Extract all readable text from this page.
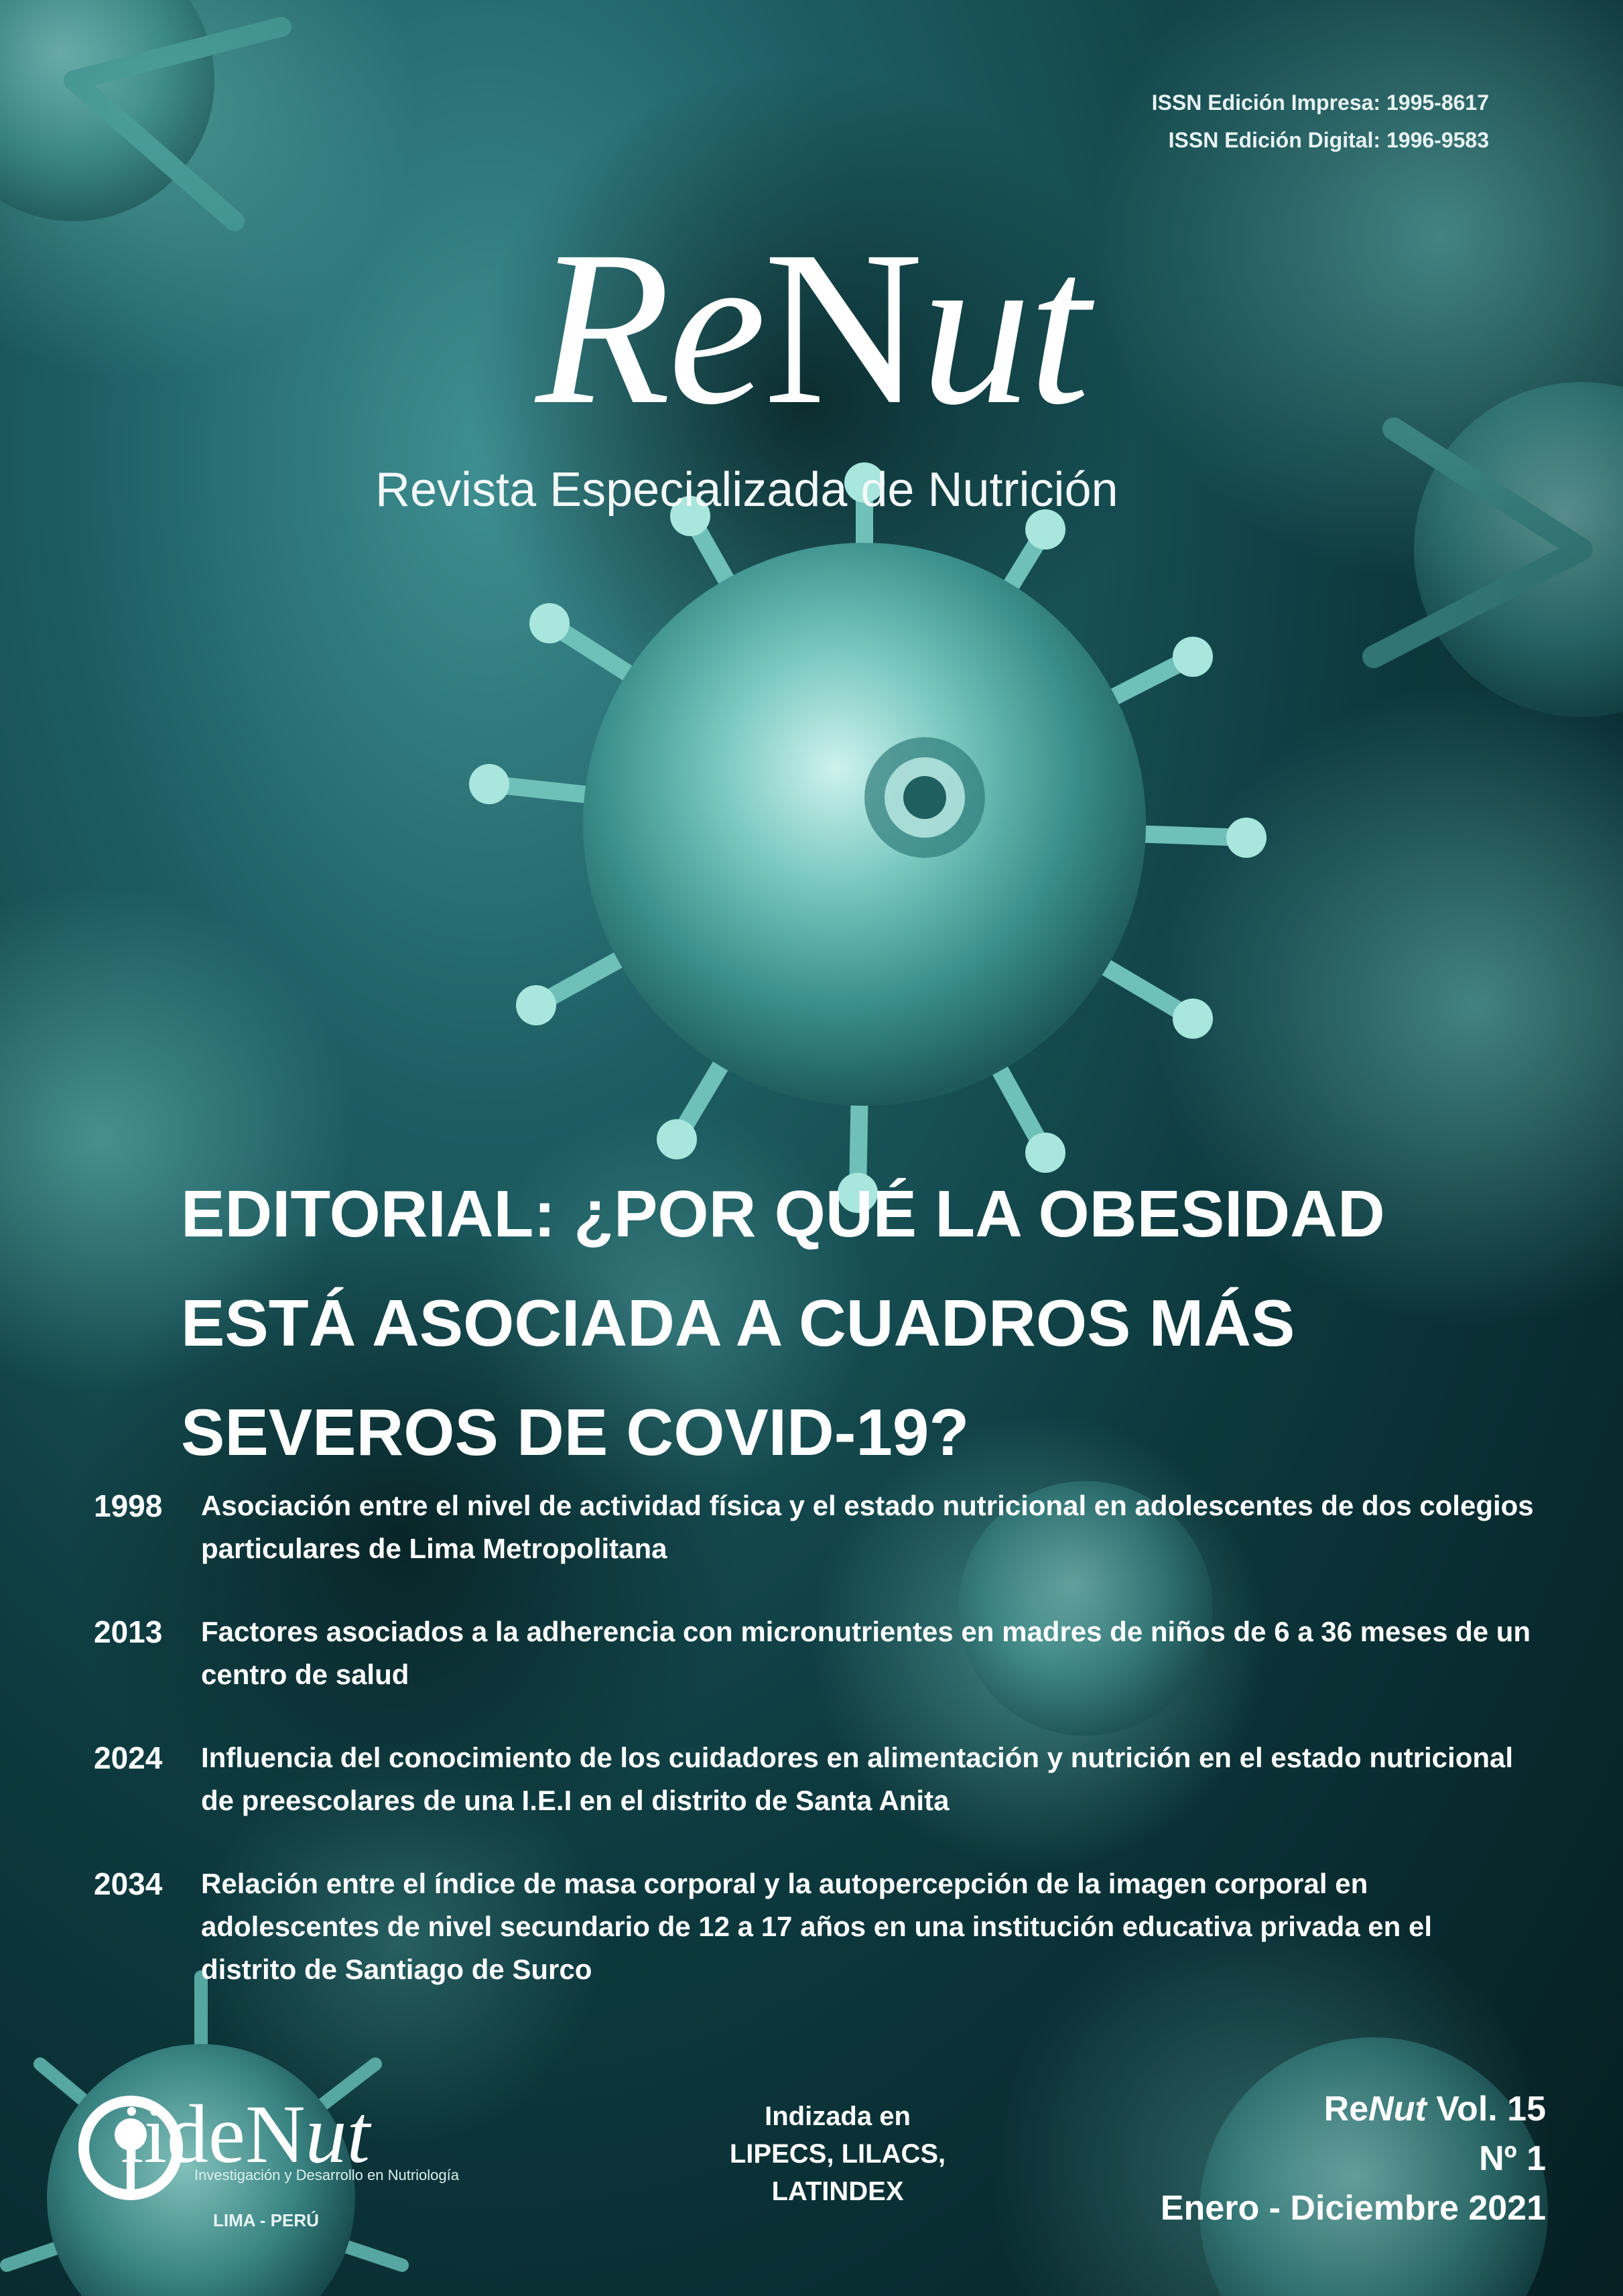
ISSN Edición Impresa: 1995-8617
ISSN Edición Digital: 1996-9583
ReNut
Revista Especializada de Nutrición
EDITORIAL: ¿POR QUÉ LA OBESIDAD
ESTÁ ASOCIADA A CUADROS MÁS
SEVEROS DE COVID-19?
1998	Asociación entre el nivel de actividad física y el estado nutricional en adolescentes de dos colegios particulares de Lima Metropolitana
2013	Factores asociados a la adherencia con micronutrientes en madres de niños de 6 a 36 meses de un centro de salud
2024	Influencia del conocimiento de los cuidadores en alimentación y nutrición en el estado nutricional de preescolares de una I.E.I en el distrito de Santa Anita
2034	Relación entre el índice de masa corporal y la autopercepción de la imagen corporal en adolescentes de nivel secundario de 12 a 17 años en una institución educativa privada en el distrito de Santiago de Surco
iideNut
Investigación y Desarrollo en Nutriología
LIMA - PERÚ
Indizada en
LIPECS, LILACS,
LATINDEX
ReNut Vol. 15
Nº 1
Enero - Diciembre 2021
